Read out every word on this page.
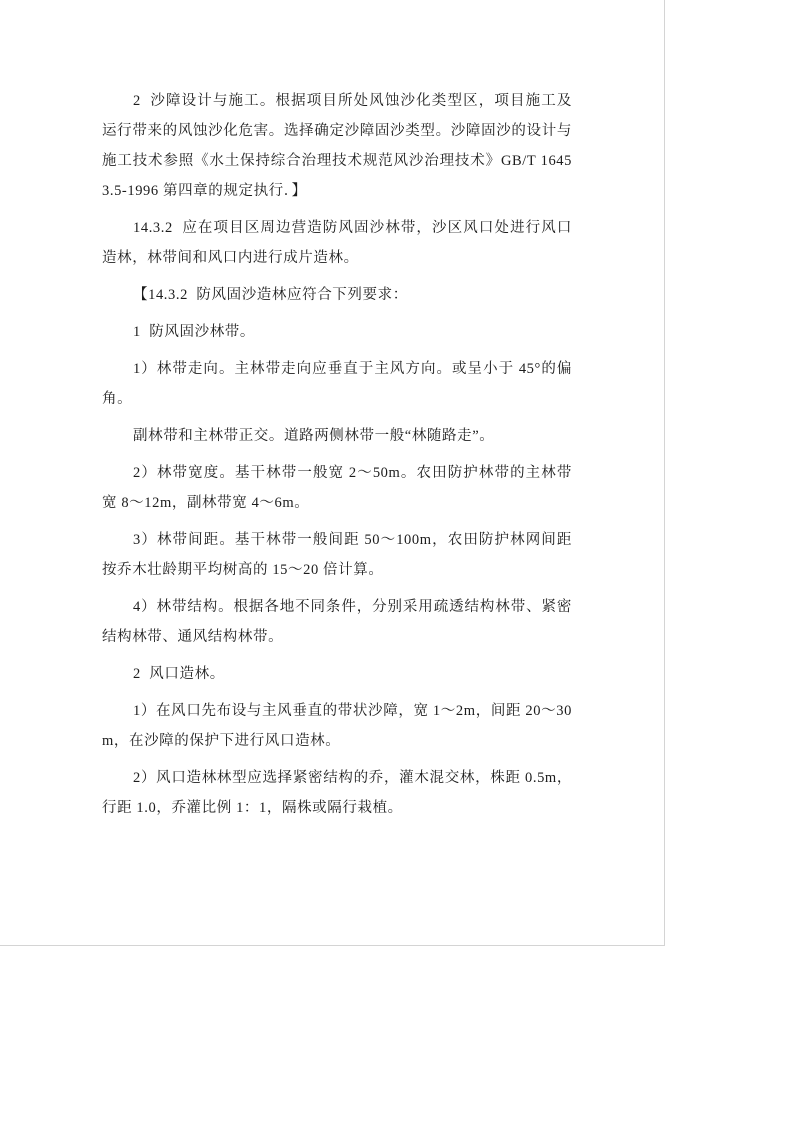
2  沙障设计与施工。根据项目所处风蚀沙化类型区，项目施工及运行带来的风蚀沙化危害。选择确定沙障固沙类型。沙障固沙的设计与施工技术参照《水土保持综合治理技术规范风沙治理技术》GB/T 16453.5-1996 第四章的规定执行．】

14.3.2  应在项目区周边营造防风固沙林带，沙区风口处进行风口造林，林带间和风口内进行成片造林。

【14.3.2  防风固沙造林应符合下列要求：

1  防风固沙林带。

1）林带走向。主林带走向应垂直于主风方向。或呈小于 45°的偏角。

副林带和主林带正交。道路两侧林带一般“林随路走”。

2）林带宽度。基干林带一般宽 2～50m。农田防护林带的主林带宽 8～12m，副林带宽 4～6m。

3）林带间距。基干林带一般间距 50～100m，农田防护林网间距按乔木壮龄期平均树高的 15～20 倍计算。

4）林带结构。根据各地不同条件，分别采用疏透结构林带、紧密结构林带、通风结构林带。

2  风口造林。

1）在风口先布设与主风垂直的带状沙障，宽 1～2m，间距 20～30m，在沙障的保护下进行风口造林。

2）风口造林林型应选择紧密结构的乔，灌木混交林，株距 0.5m，行距 1.0，乔灌比例 1：1，隔株或隔行栽植。
